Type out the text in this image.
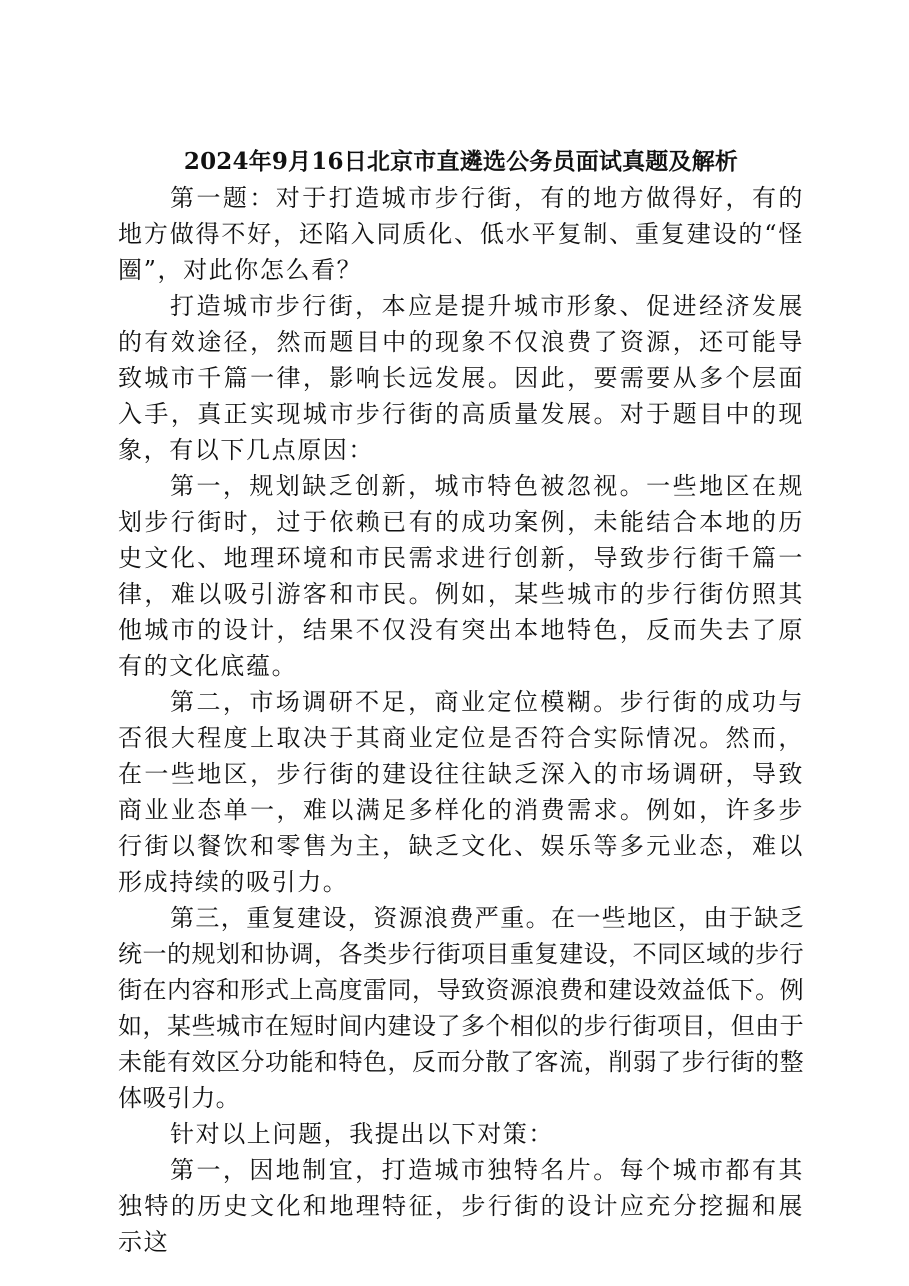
2024年9月16日北京市直遴选公务员面试真题及解析

第一题：对于打造城市步行街，有的地方做得好，有的地方做得不好，还陷入同质化、低水平复制、重复建设的“怪圈”，对此你怎么看？

打造城市步行街，本应是提升城市形象、促进经济发展的有效途径，然而题目中的现象不仅浪费了资源，还可能导致城市千篇一律，影响长远发展。因此，要需要从多个层面入手，真正实现城市步行街的高质量发展。对于题目中的现象，有以下几点原因：

第一，规划缺乏创新，城市特色被忽视。一些地区在规划步行街时，过于依赖已有的成功案例，未能结合本地的历史文化、地理环境和市民需求进行创新，导致步行街千篇一律，难以吸引游客和市民。例如，某些城市的步行街仿照其他城市的设计，结果不仅没有突出本地特色，反而失去了原有的文化底蕴。

第二，市场调研不足，商业定位模糊。步行街的成功与否很大程度上取决于其商业定位是否符合实际情况。然而，在一些地区，步行街的建设往往缺乏深入的市场调研，导致商业业态单一，难以满足多样化的消费需求。例如，许多步行街以餐饮和零售为主，缺乏文化、娱乐等多元业态，难以形成持续的吸引力。

第三，重复建设，资源浪费严重。在一些地区，由于缺乏统一的规划和协调，各类步行街项目重复建设，不同区域的步行街在内容和形式上高度雷同，导致资源浪费和建设效益低下。例如，某些城市在短时间内建设了多个相似的步行街项目，但由于未能有效区分功能和特色，反而分散了客流，削弱了步行街的整体吸引力。

针对以上问题，我提出以下对策：

第一，因地制宜，打造城市独特名片。每个城市都有其独特的历史文化和地理特征，步行街的设计应充分挖掘和展示这
